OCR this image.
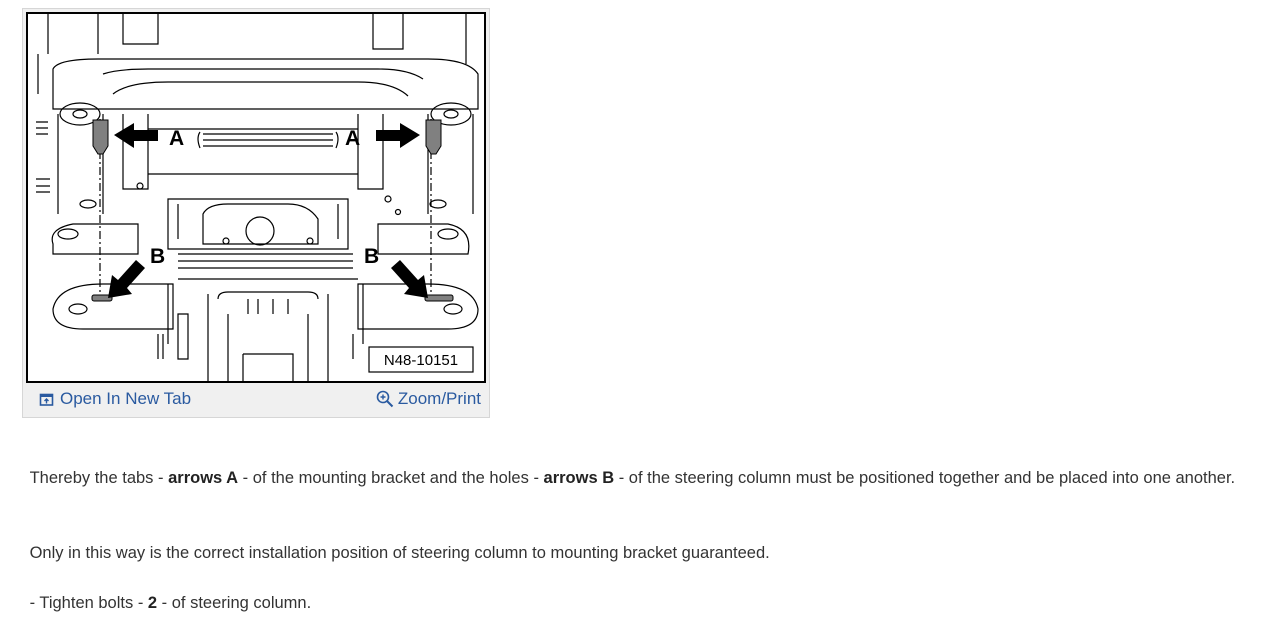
A	A
B	B
N48-10151
Open In New Tab	Zoom/Print
Thereby the tabs - arrows A - of the mounting bracket and the holes - arrows B - of the steering column must be positioned together and be placed into one another.
Only in this way is the correct installation position of steering column to mounting bracket guaranteed.
- Tighten bolts - 2 - of steering column.
